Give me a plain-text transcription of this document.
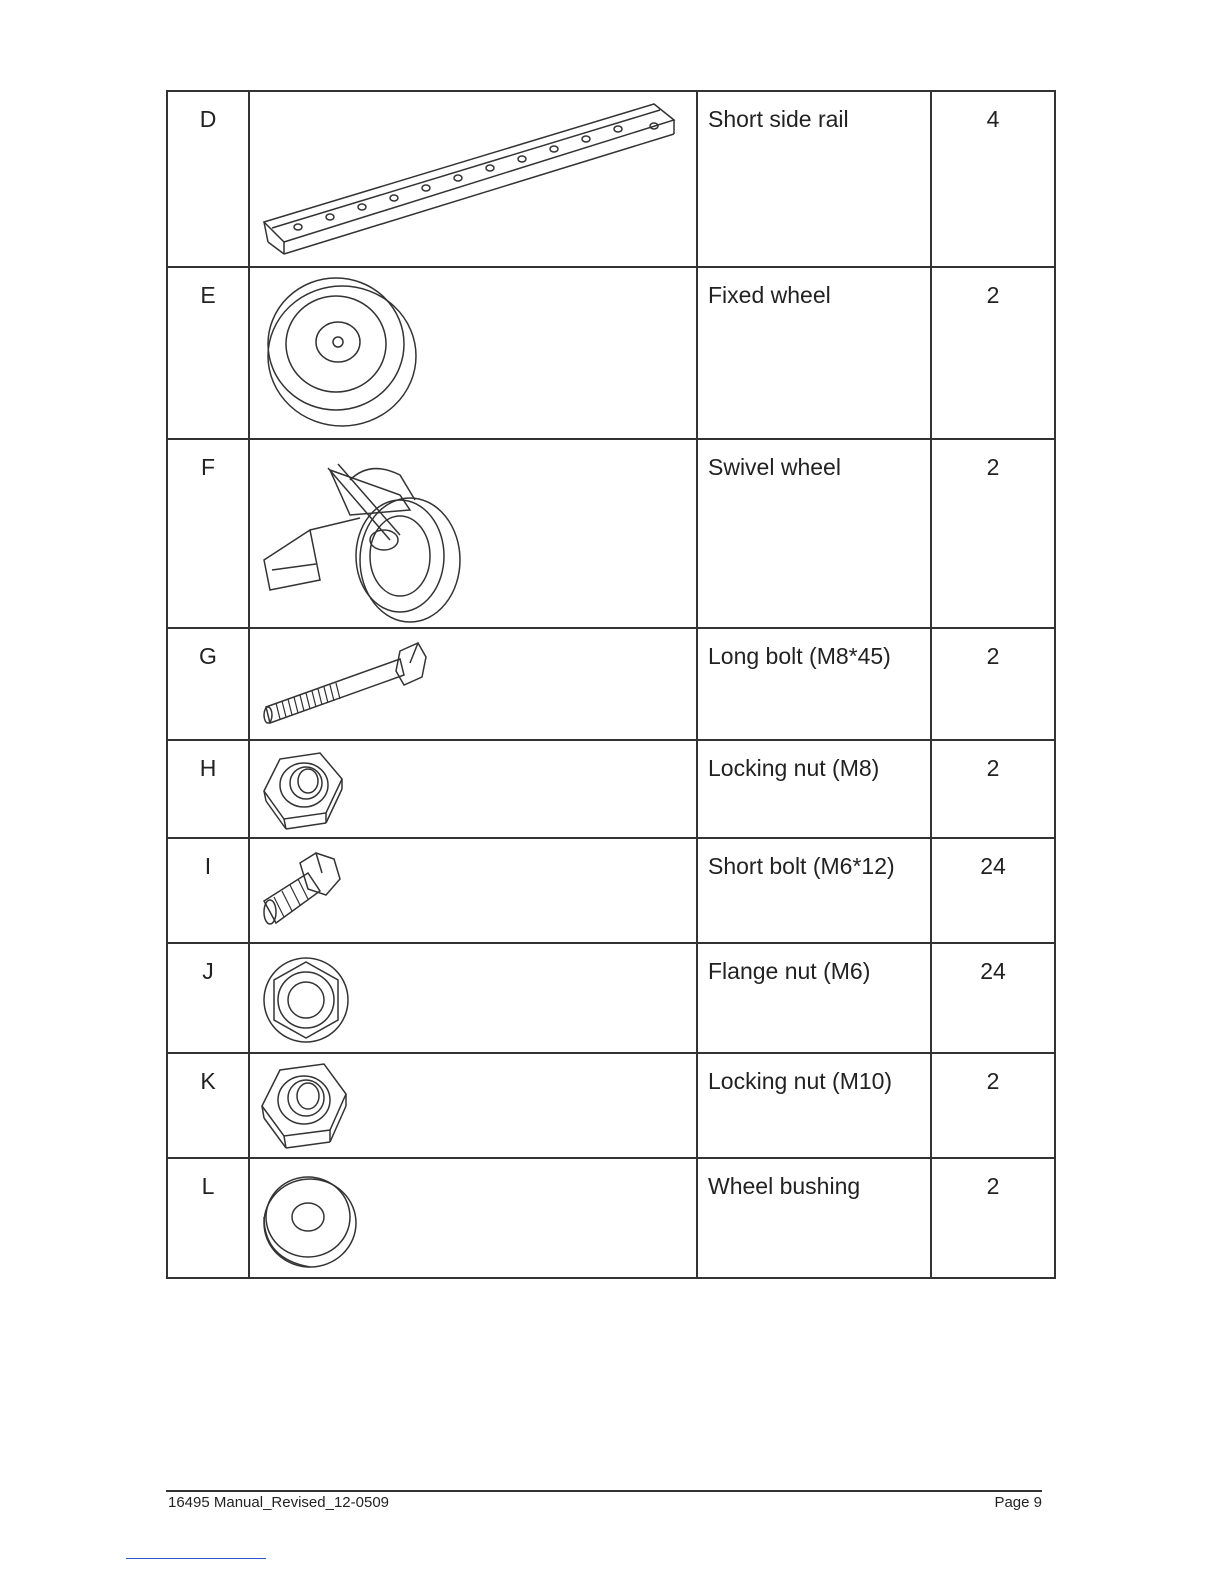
D		Short side rail	4
E		Fixed wheel	2
F		Swivel wheel	2
G		Long bolt (M8*45)	2
H		Locking nut (M8)	2
I		Short bolt (M6*12)	24
J		Flange nut (M6)	24
K		Locking nut (M10)	2
L		Wheel bushing	2
16495 Manual_Revised_12-0509	Page 9
